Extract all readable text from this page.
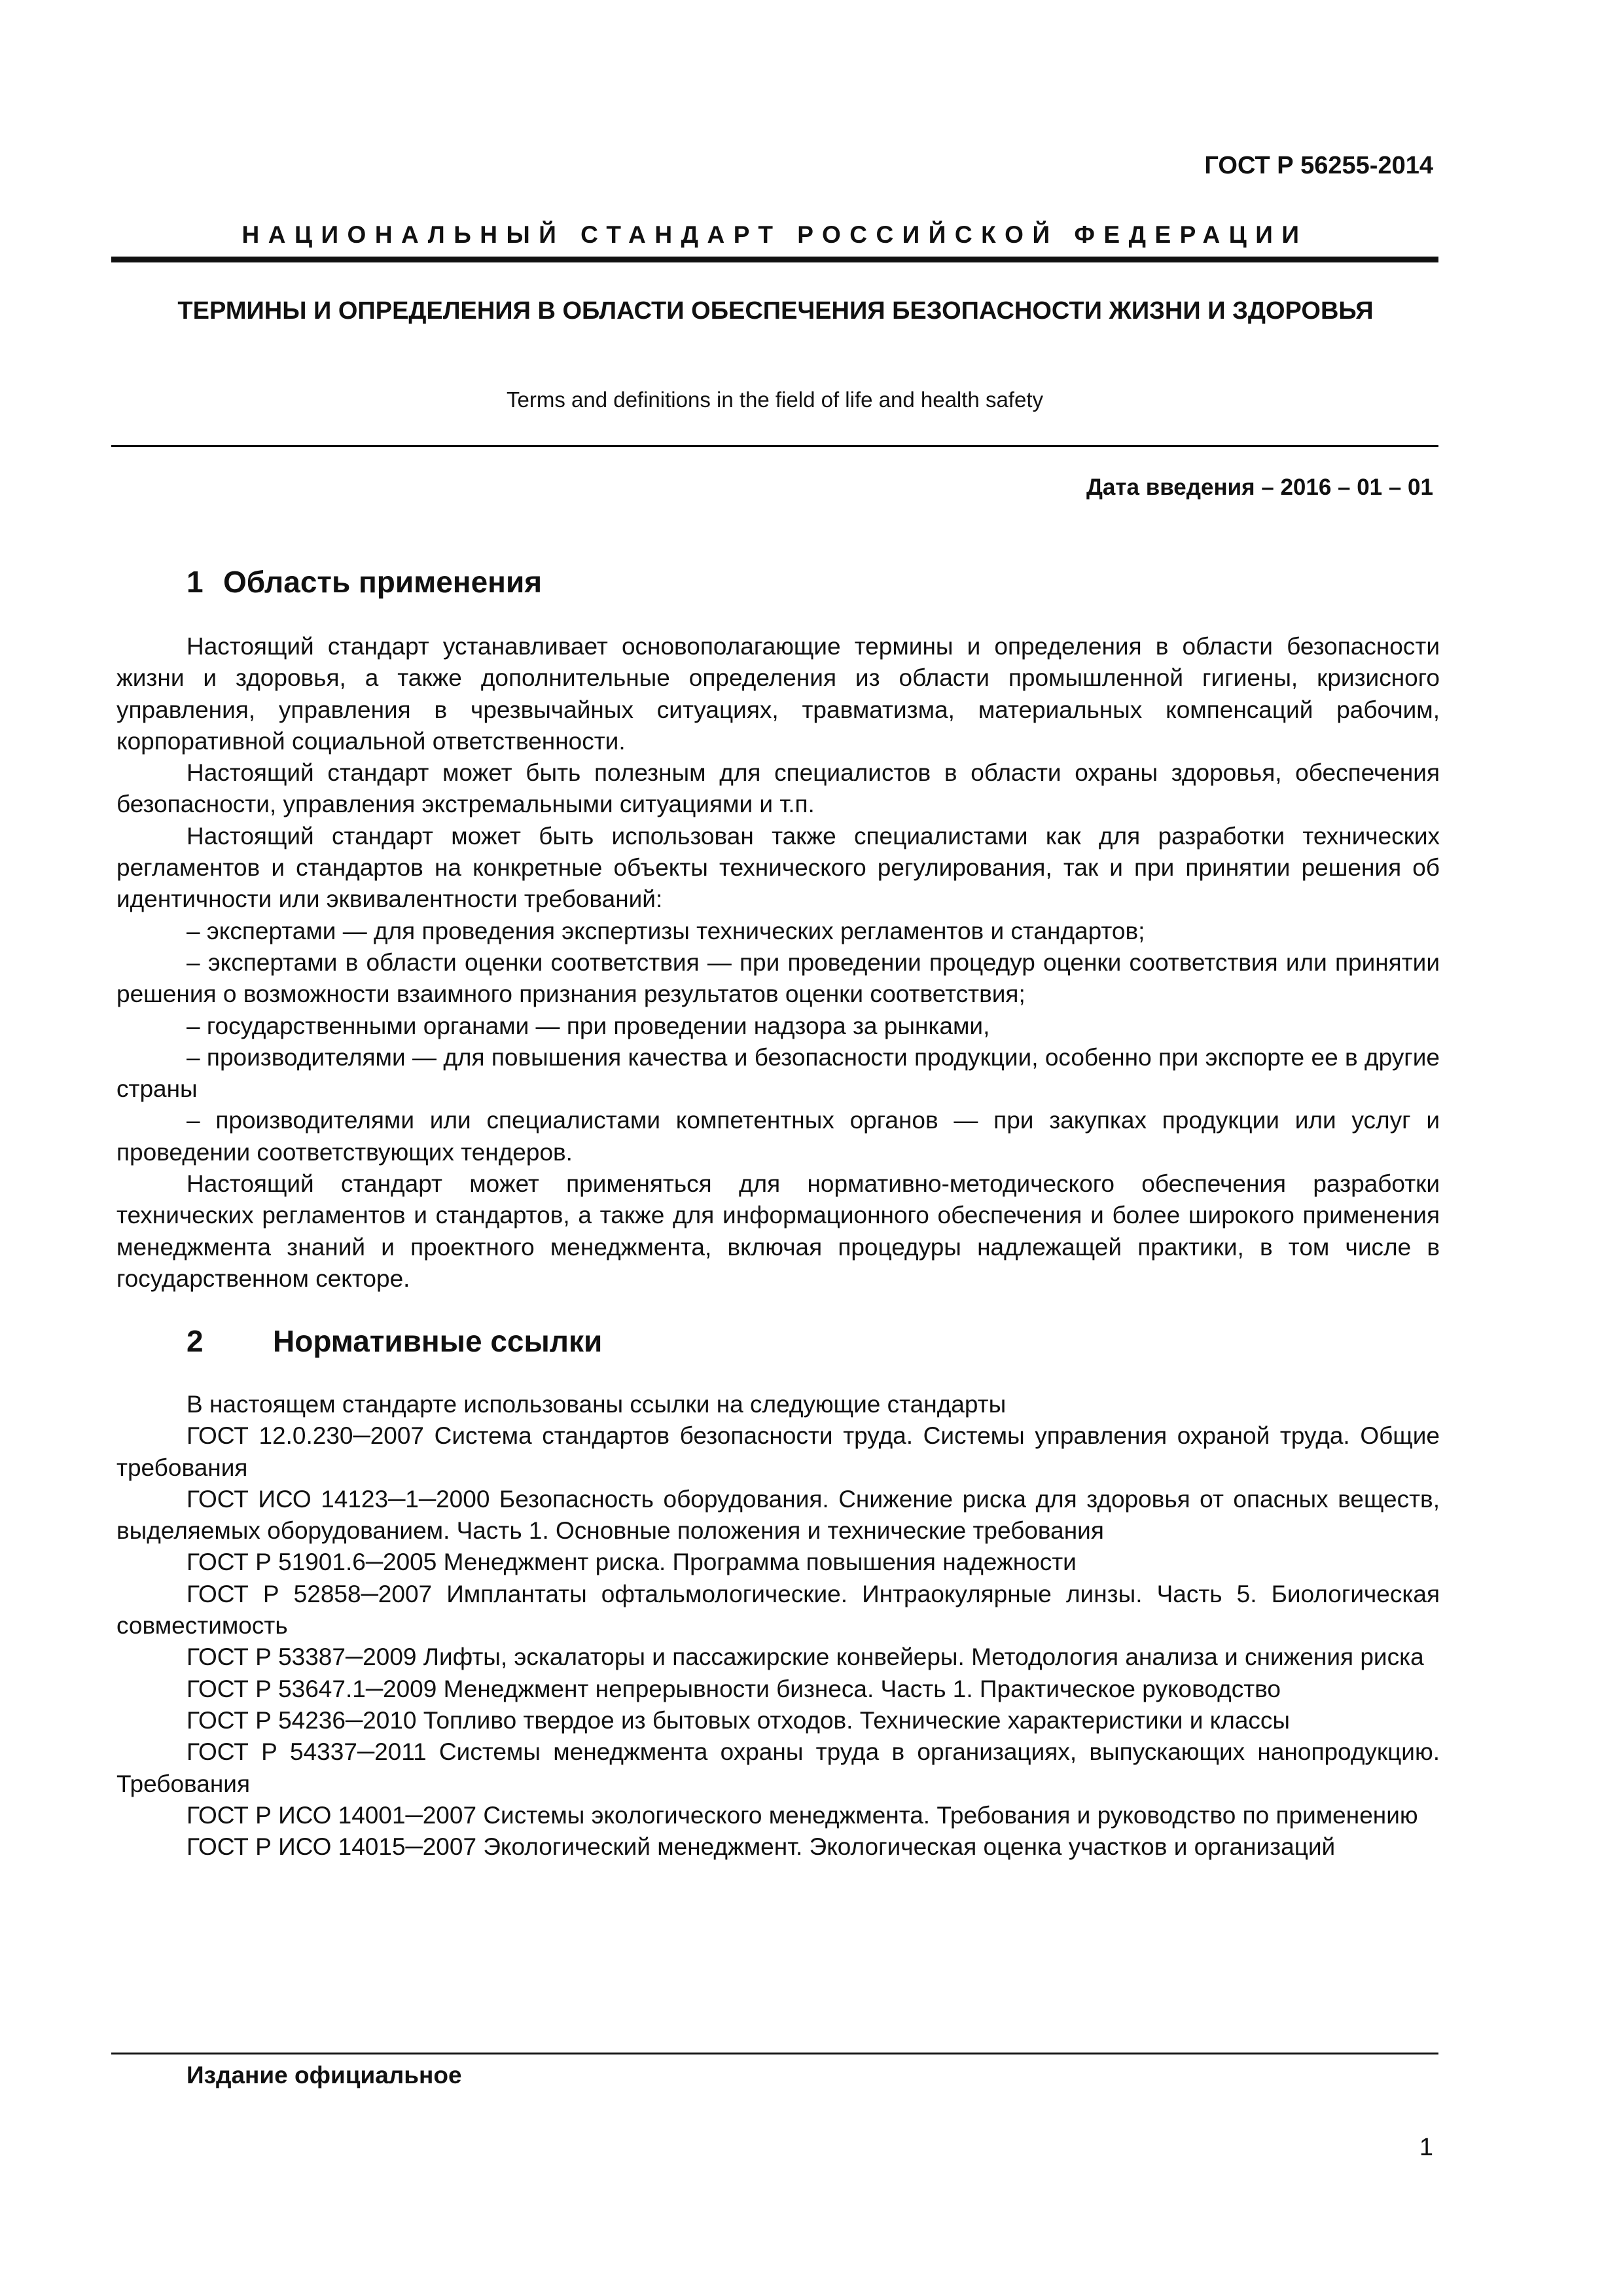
ГОСТ Р 56255-2014
НАЦИОНАЛЬНЫЙ СТАНДАРТ РОССИЙСКОЙ ФЕДЕРАЦИИ
ТЕРМИНЫ И ОПРЕДЕЛЕНИЯ В ОБЛАСТИ ОБЕСПЕЧЕНИЯ БЕЗОПАСНОСТИ ЖИЗНИ И ЗДОРОВЬЯ
Terms and definitions in the field of life and health safety
Дата введения – 2016 – 01 – 01
1 Область применения

Настоящий стандарт устанавливает основополагающие термины и определения в области безопасности жизни и здоровья, а также дополнительные определения из области промышленной гигиены, кризисного управления, управления в чрезвычайных ситуациях, травматизма, материальных компенсаций рабочим, корпоративной социальной ответственности.

Настоящий стандарт может быть полезным для специалистов в области охраны здоровья, обеспечения безопасности, управления экстремальными ситуациями и т.п.

Настоящий стандарт может быть использован также специалистами как для разработки технических регламентов и стандартов на конкретные объекты технического регулирования, так и при принятии решения об идентичности или эквивалентности требований:

– экспертами — для проведения экспертизы технических регламентов и стандартов;

– экспертами в области оценки соответствия — при проведении процедур оценки соответствия или принятии решения о возможности взаимного признания результатов оценки соответствия;

– государственными органами — при проведении надзора за рынками,

– производителями — для повышения качества и безопасности продукции, особенно при экспорте ее в другие страны

– производителями или специалистами компетентных органов — при закупках продукции или услуг и проведении соответствующих тендеров.

Настоящий стандарт может применяться для нормативно-методического обеспечения разработки технических регламентов и стандартов, а также для информационного обеспечения и более широкого применения менеджмента знаний и проектного менеджмента, включая процедуры надлежащей практики, в том числе в государственном секторе.

2 Нормативные ссылки

В настоящем стандарте использованы ссылки на следующие стандарты

ГОСТ 12.0.230─2007 Система стандартов безопасности труда. Системы управления охраной труда. Общие требования

ГОСТ ИСО 14123─1─2000 Безопасность оборудования. Снижение риска для здоровья от опасных веществ, выделяемых оборудованием. Часть 1. Основные положения и технические требования

ГОСТ Р 51901.6─2005 Менеджмент риска. Программа повышения надежности

ГОСТ Р 52858─2007 Имплантаты офтальмологические. Интраокулярные линзы. Часть 5. Биологическая совместимость

ГОСТ Р 53387─2009 Лифты, эскалаторы и пассажирские конвейеры. Методология анализа и снижения риска

ГОСТ Р 53647.1─2009 Менеджмент непрерывности бизнеса. Часть 1. Практическое руководство

ГОСТ Р 54236─2010 Топливо твердое из бытовых отходов. Технические характеристики и классы

ГОСТ Р 54337─2011 Системы менеджмента охраны труда в организациях, выпускающих нанопродукцию. Требования

ГОСТ Р ИСО 14001─2007 Системы экологического менеджмента. Требования и руководство по применению

ГОСТ Р ИСО 14015─2007 Экологический менеджмент. Экологическая оценка участков и организаций

Издание официальное
1
